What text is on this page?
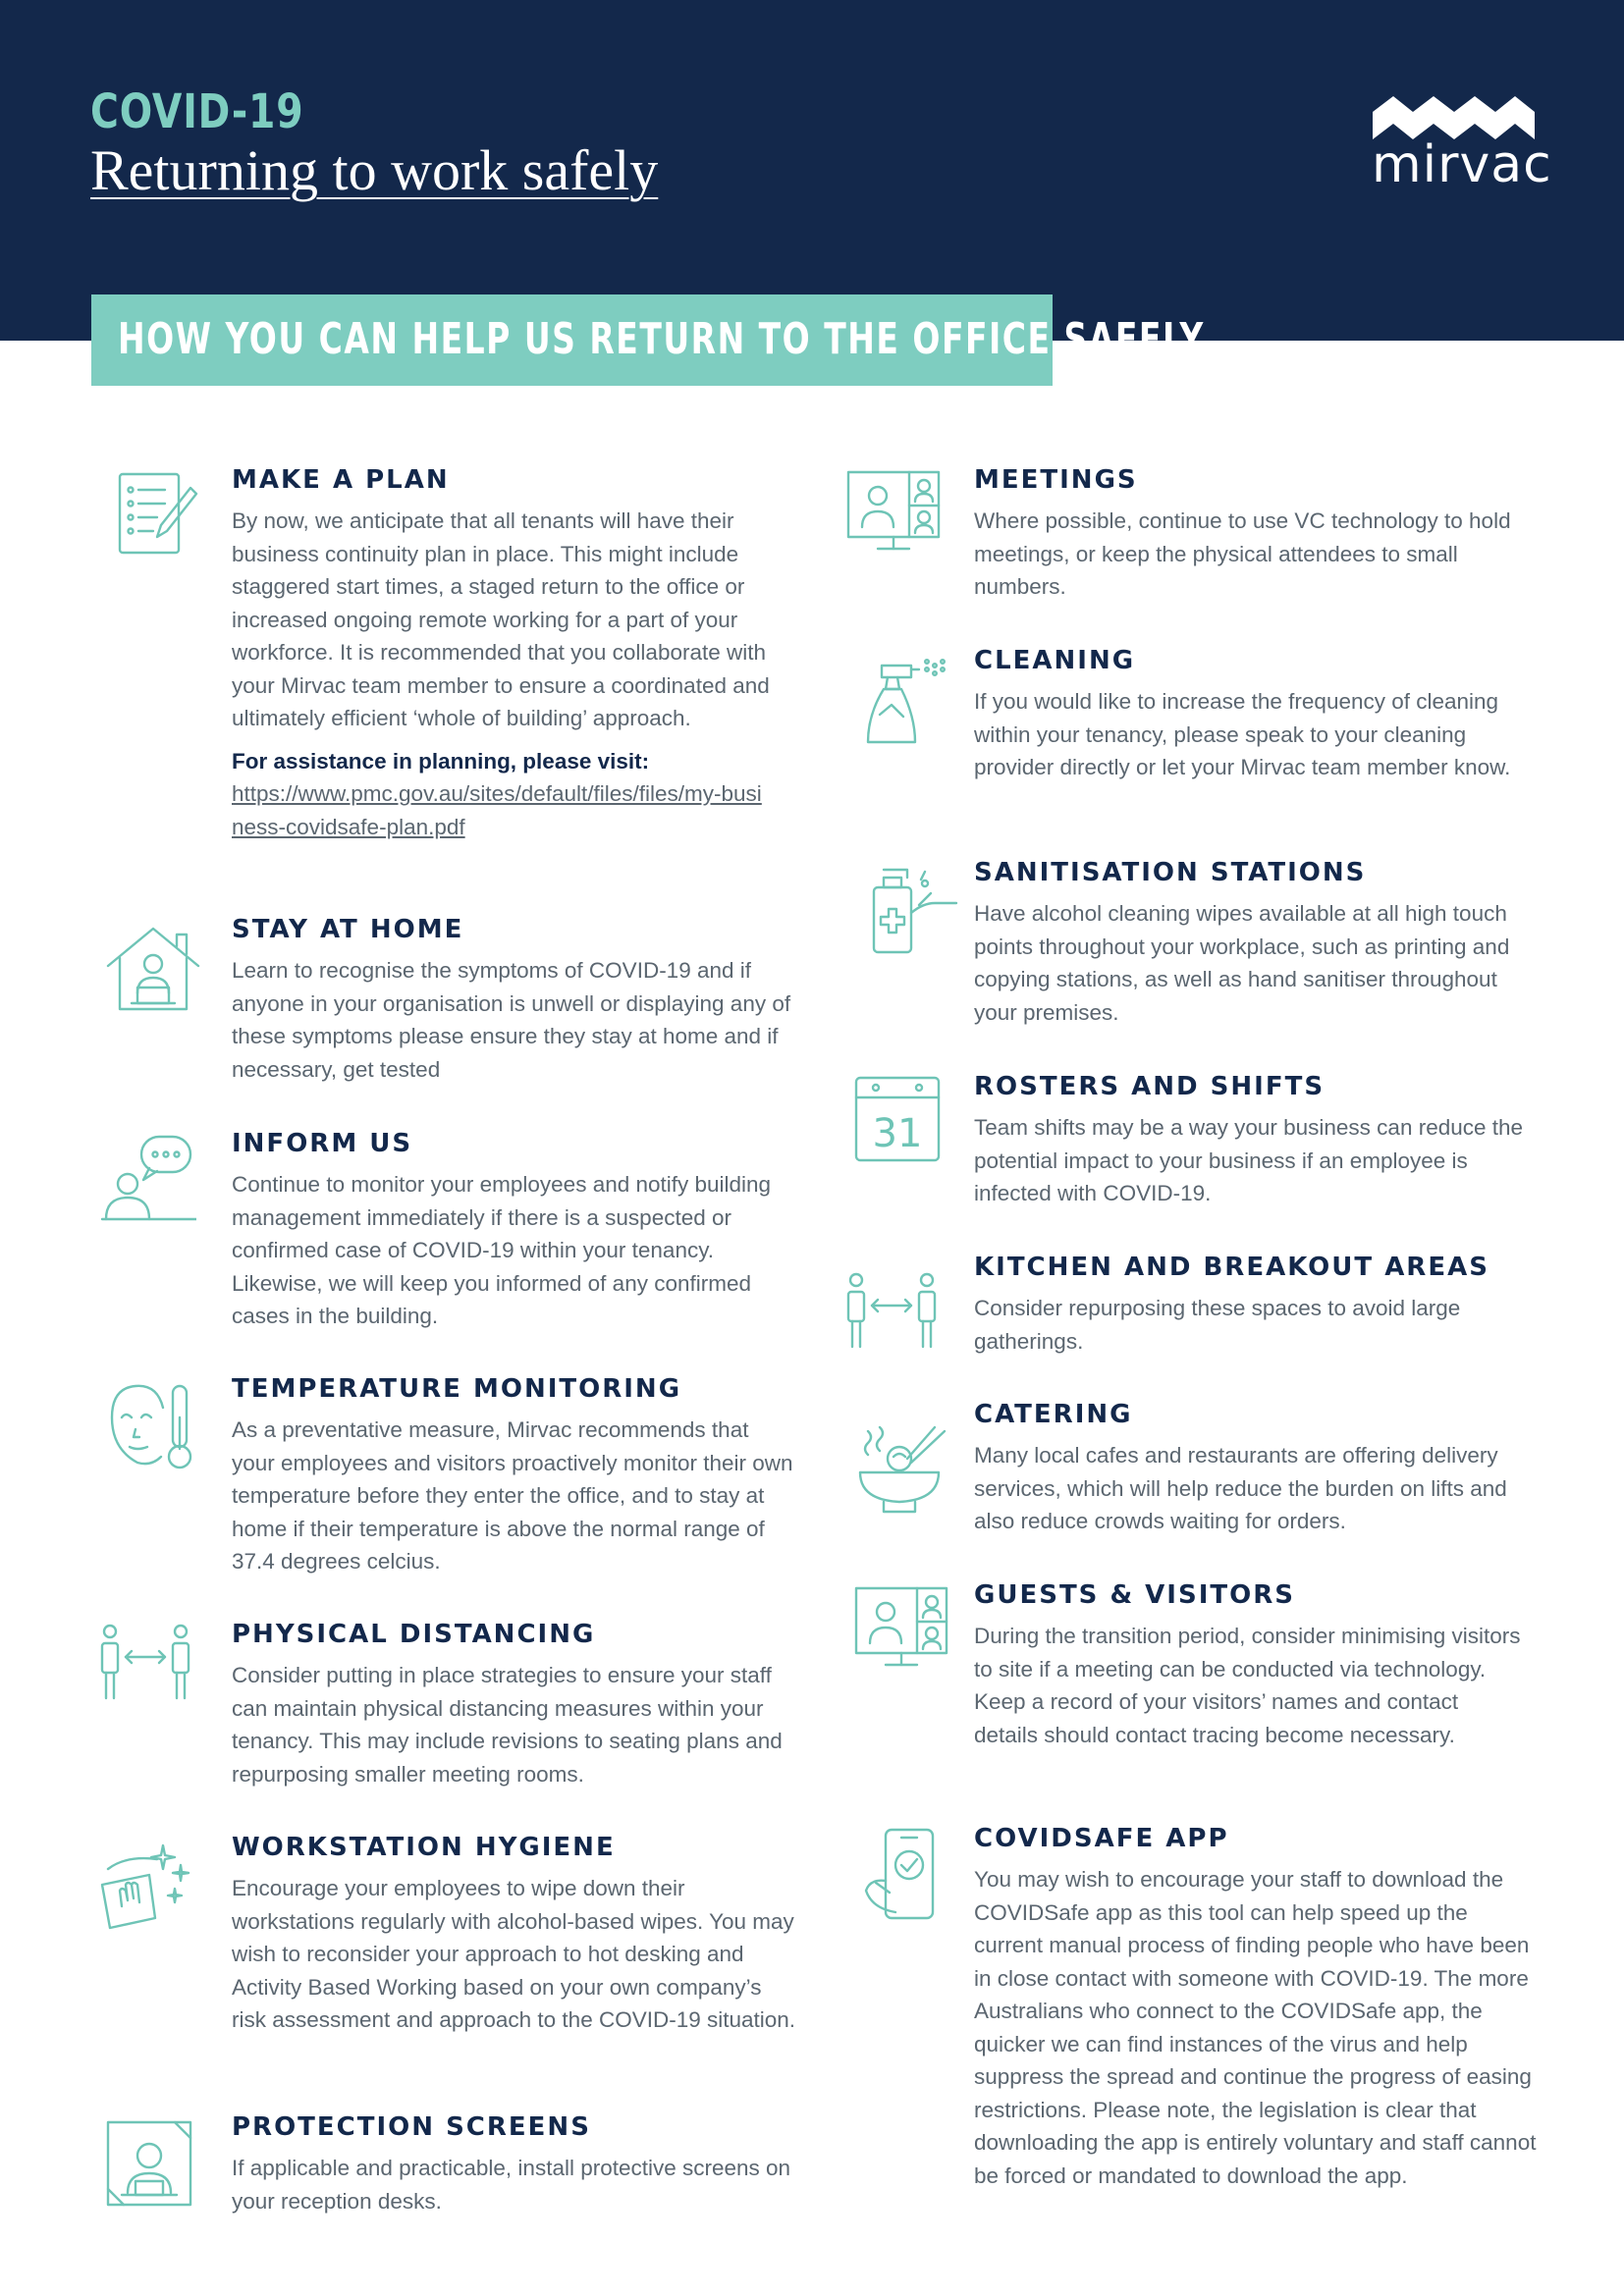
COVID-19
Returning to work safely	mirvac
HOW YOU CAN HELP US RETURN TO THE OFFICE SAFELY
MAKE A PLAN

By now, we anticipate that all tenants will have their business continuity plan in place. This might include staggered start times, a staged return to the office or increased ongoing remote working for a part of your workforce. It is recommended that you collaborate with your Mirvac team member to ensure a coordinated and ultimately efficient ‘whole of building’ approach.

For assistance in planning, please visit:

https://www.pmc.gov.au/sites/default/files/files/my-business-covidsafe-plan.pdf

STAY AT HOME

Learn to recognise the symptoms of COVID-19 and if anyone in your organisation is unwell or displaying any of these symptoms please ensure they stay at home and if necessary, get tested

INFORM US

Continue to monitor your employees and notify building management immediately if there is a suspected or confirmed case of COVID-19 within your tenancy. Likewise, we will keep you informed of any confirmed cases in the building.

TEMPERATURE MONITORING

As a preventative measure, Mirvac recommends that your employees and visitors proactively monitor their own temperature before they enter the office, and to stay at home if their temperature is above the normal range of 37.4 degrees celcius.

PHYSICAL DISTANCING

Consider putting in place strategies to ensure your staff can maintain physical distancing measures within your tenancy. This may include revisions to seating plans and repurposing smaller meeting rooms.

WORKSTATION HYGIENE

Encourage your employees to wipe down their workstations regularly with alcohol-based wipes. You may wish to reconsider your approach to hot desking and Activity Based Working based on your own company’s risk assessment and approach to the COVID-19 situation.

PROTECTION SCREENS

If applicable and practicable, install protective screens on your reception desks.

MEETINGS

Where possible, continue to use VC technology to hold meetings, or keep the physical attendees to small numbers.

CLEANING

If you would like to increase the frequency of cleaning within your tenancy, please speak to your cleaning provider directly or let your Mirvac team member know.

SANITISATION STATIONS

Have alcohol cleaning wipes available at all high touch points throughout your workplace, such as printing and copying stations, as well as hand sanitiser throughout your premises.

31
ROSTERS AND SHIFTS

Team shifts may be a way your business can reduce the potential impact to your business if an employee is infected with COVID-19.

KITCHEN AND BREAKOUT AREAS

Consider repurposing these spaces to avoid large gatherings.

CATERING

Many local cafes and restaurants are offering delivery services, which will help reduce the burden on lifts and also reduce crowds waiting for orders.

GUESTS & VISITORS

During the transition period, consider minimising visitors to site if a meeting can be conducted via technology. Keep a record of your visitors’ names and contact details should contact tracing become necessary.

COVIDSAFE APP

You may wish to encourage your staff to download the COVIDSafe app as this tool can help speed up the current manual process of finding people who have been in close contact with someone with COVID-19. The more Australians who connect to the COVIDSafe app, the quicker we can find instances of the virus and help suppress the spread and continue the progress of easing restrictions. Please note, the legislation is clear that downloading the app is entirely voluntary and staff cannot be forced or mandated to download the app.
